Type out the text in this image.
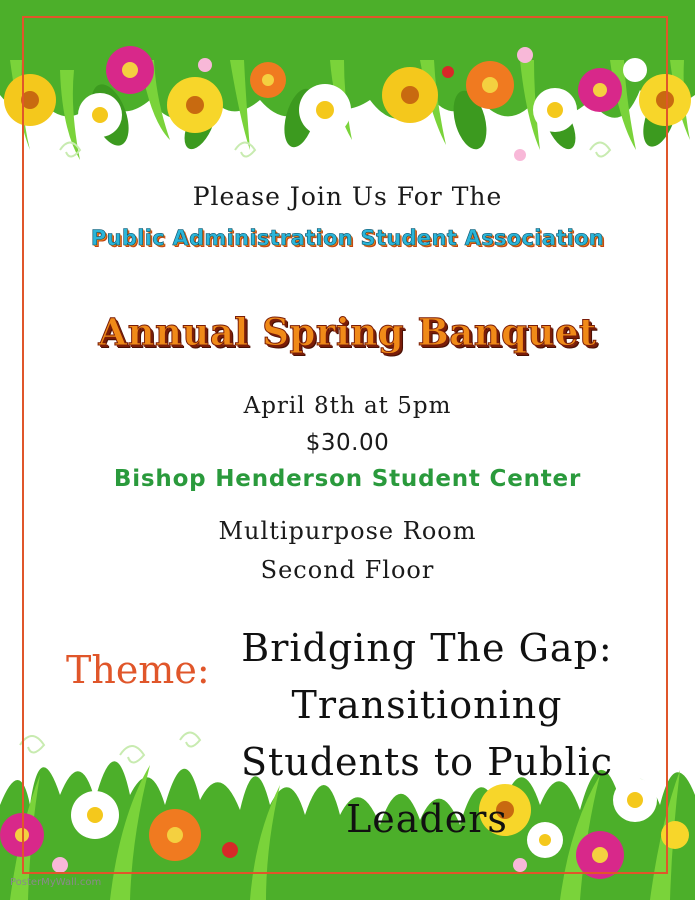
Please Join Us For The
Public Administration Student Association
Annual Spring Banquet
April 8th at 5pm
$30.00
Bishop Henderson Student Center
Multipurpose Room
Second Floor
Theme: Bridging The Gap: Transitioning Students to Public Leaders
PosterMyWall.com
